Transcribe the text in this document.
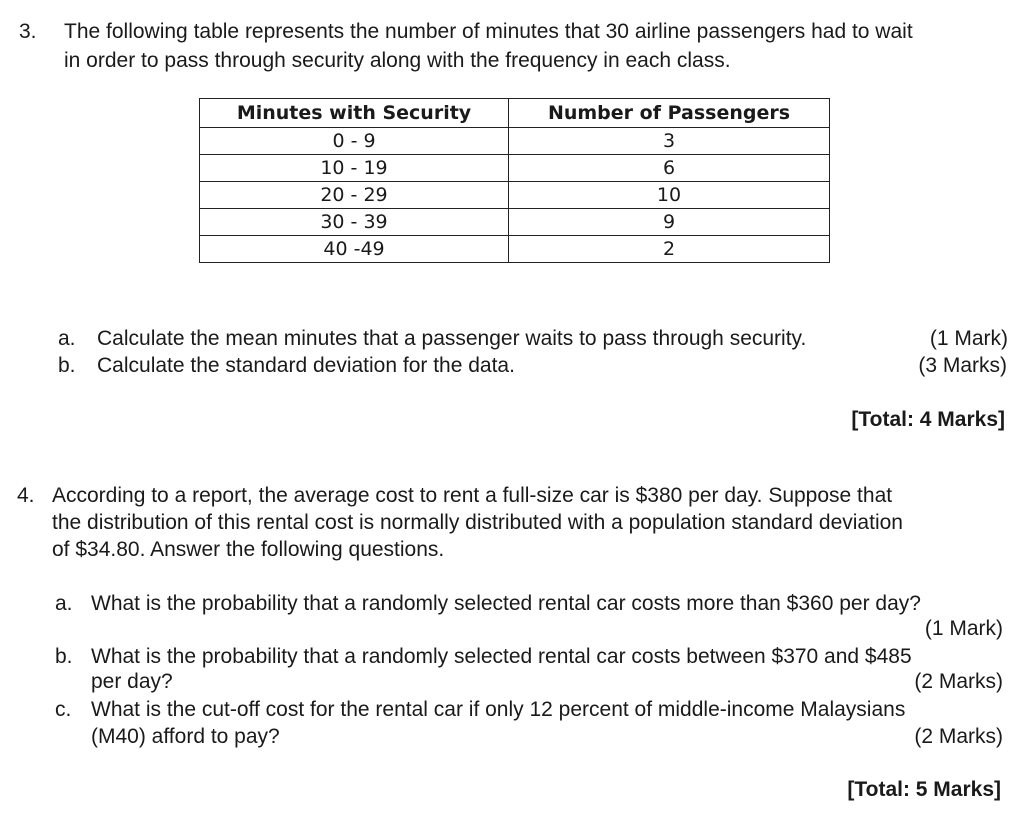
3. The following table represents the number of minutes that 30 airline passengers had to wait
in order to pass through security along with the frequency in each class.
Minutes with Security	Number of Passengers
0 - 9	3
10 - 19	6
20 - 29	10
30 - 39	9
40 -49	2
a. Calculate the mean minutes that a passenger waits to pass through security.	(1 Mark)
b. Calculate the standard deviation for the data.	(3 Marks)
[Total: 4 Marks]
4. According to a report, the average cost to rent a full-size car is $380 per day. Suppose that
the distribution of this rental cost is normally distributed with a population standard deviation
of $34.80. Answer the following questions.
a. What is the probability that a randomly selected rental car costs more than $360 per day?
(1 Mark)
b. What is the probability that a randomly selected rental car costs between $370 and $485
per day?	(2 Marks)
c. What is the cut-off cost for the rental car if only 12 percent of middle-income Malaysians
(M40) afford to pay?	(2 Marks)
[Total: 5 Marks]
